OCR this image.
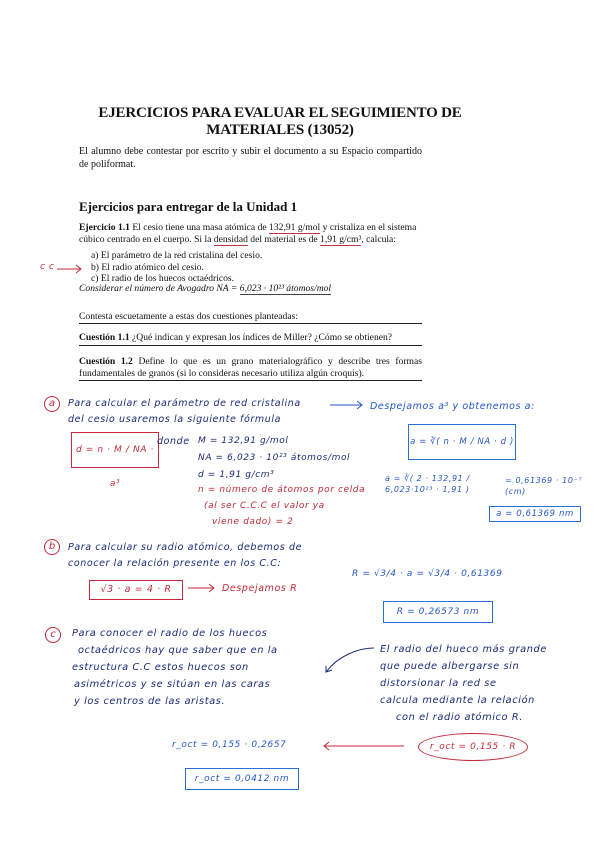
EJERCICIOS PARA EVALUAR EL SEGUIMIENTO DE
MATERIALES (13052)
El alumno debe contestar por escrito y subir el documento a su Espacio compartido de poliformat.
Ejercicios para entregar de la Unidad 1
Ejercicio 1.1 El cesio tiene una masa atómica de 132,91 g/mol y cristaliza en el sistema cúbico centrado en el cuerpo. Si la densidad del material es de 1,91 g/cm³, calcula:
a) El parámetro de la red cristalina del cesio.
b) El radio atómico del cesio.
c) El radio de los huecos octaédricos.
Considerar el número de Avogadro NA = 6,023 · 10²³ átomos/mol
Contesta escuetamente a estas dos cuestiones planteadas:
Cuestión 1.1 ¿Qué indican y expresan los índices de Miller? ¿Cómo se obtienen?
Cuestión 1.2 Define lo que es un grano materialográfico y describe tres formas fundamentales de granos (si lo consideras necesario utiliza algún croquis).
c c
a	Para calcular el parámetro de red cristalina
del cesio usaremos la siguiente fórmula
Despejamos a³ y obtenemos a:
d = n · M / NA · a³
donde M = 132,91 g/mol
NA = 6,023 · 10²³ átomos/mol
d = 1,91 g/cm³
n = número de átomos por celda
(al ser C.C.C el valor ya
viene dado) = 2
a = ∛( n · M / NA · d )
a = ∛( 2 · 132,91 / 6,023·10²³ · 1,91 )
= 0,61369 · 10⁻⁷ (cm)
a = 0,61369 nm
b	Para calcular su radio atómico, debemos de
conocer la relación presente en los C.C:
√3 · a = 4 · R	Despejamos R
R = √3/4 · a = √3/4 · 0,61369
R = 0,26573 nm
c	Para conocer el radio de los huecos
octaédricos hay que saber que en la
estructura C.C estos huecos son
asimétricos y se sitúan en las caras
y los centros de las aristas.
El radio del hueco más grande
que puede albergarse sin
distorsionar la red se
calcula mediante la relación
con el radio atómico R.
r_oct = 0,155 · 0,2657	r_oct = 0,155 · R
r_oct = 0,0412 nm
